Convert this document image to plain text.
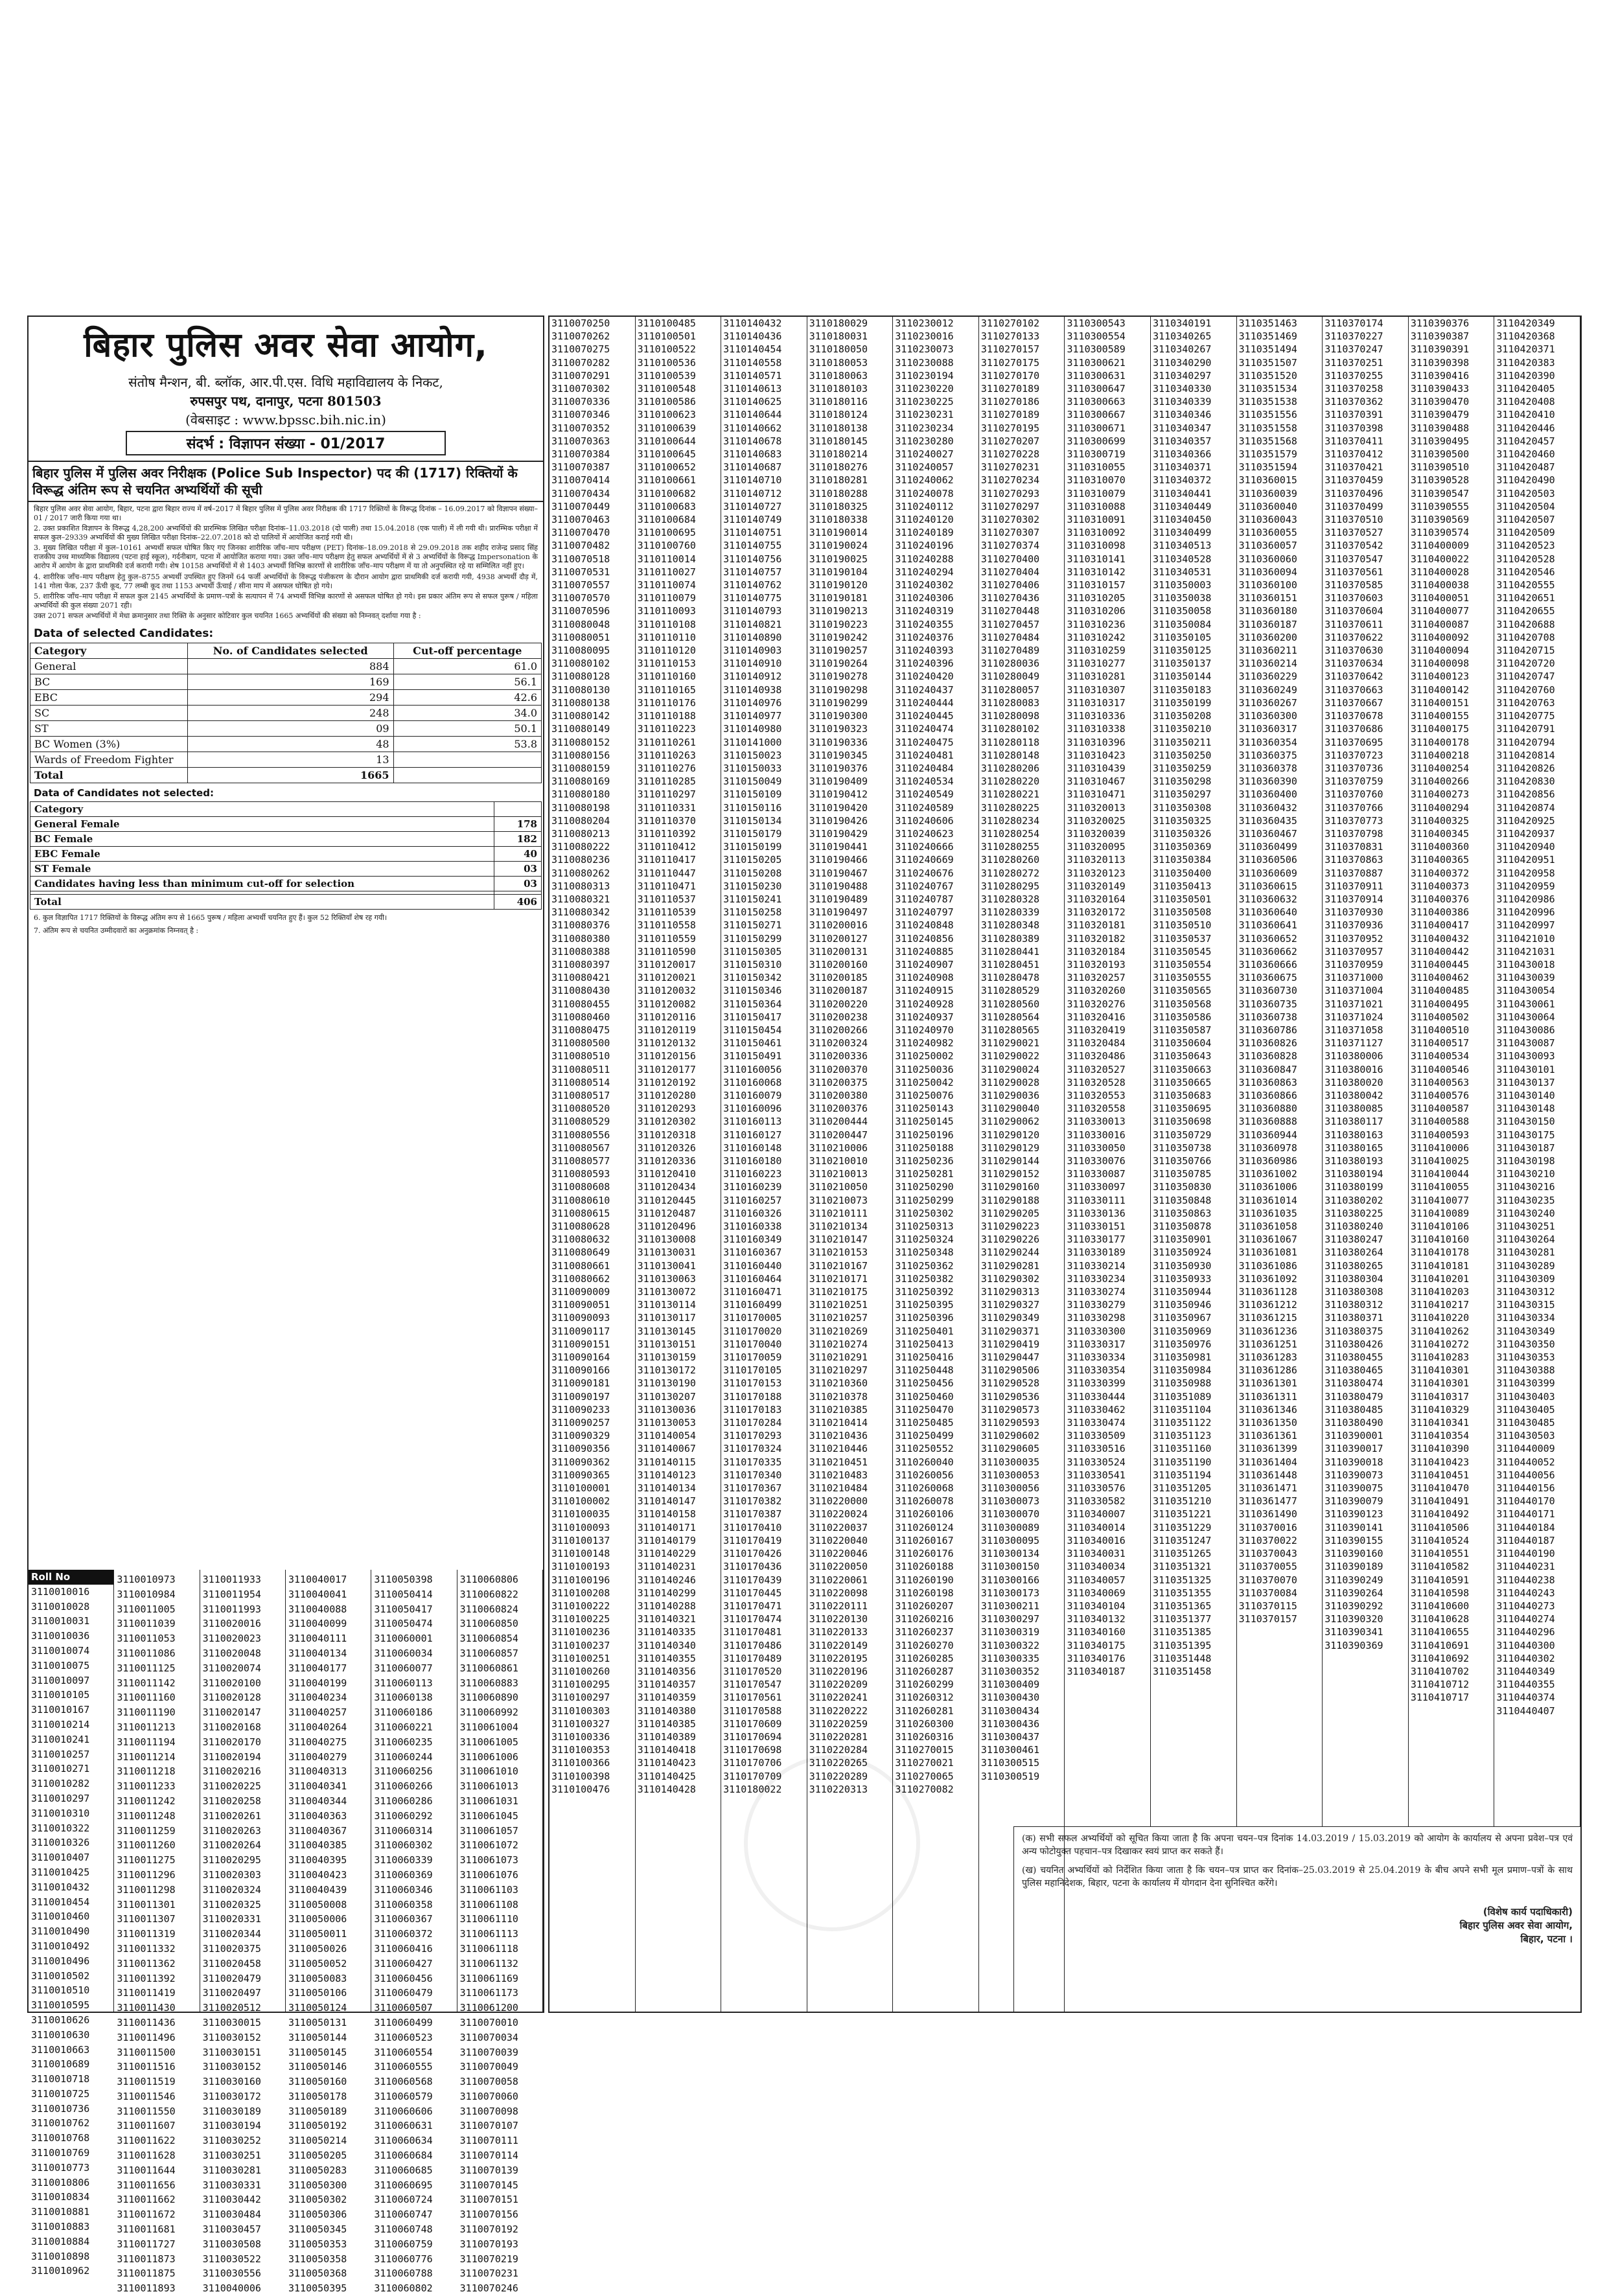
बिहार पुलिस अवर सेवा आयोग,
संतोष मैन्शन, बी. ब्लॉक, आर.पी.एस. विधि महाविद्यालय के निकट,
रुपसपुर पथ, दानापुर, पटना 801503
(वेबसाइट : www.bpssc.bih.nic.in)
संदर्भ : विज्ञापन संख्या - 01/2017
बिहार पुलिस में पुलिस अवर निरीक्षक (Police Sub Inspector) पद की (1717) रिक्तियों के विरूद्ध अंतिम रूप से चयनित अभ्यर्थियों की सूची

बिहार पुलिस अवर सेवा आयोग, बिहार, पटना द्वारा बिहार राज्य में वर्ष–2017 में बिहार पुलिस में पुलिस अवर निरीक्षक की 1717 रिक्तियों के विरूद्ध दिनांक – 16.09.2017 को विज्ञापन संख्या–01 / 2017 जारी किया गया था।

2. उक्त प्रकाशित विज्ञापन के विरूद्ध 4,28,200 अभ्यर्थियों की प्रारम्भिक लिखित परीक्षा दिनांक–11.03.2018 (दो पाली) तथा 15.04.2018 (एक पाली) में ली गयी थी। प्रारम्भिक परीक्षा में सफल कुल–29339 अभ्यर्थियों की मुख्य लिखित परीक्षा दिनांक–22.07.2018 को दो पालियों में आयोजित कराई गयी थी।

3. मुख्य लिखित परीक्षा में कुल–10161 अभ्यर्थी सफल घोषित किए गए जिनका शारीरिक जाँच–माप परीक्षण (PET) दिनांक–18.09.2018 से 29.09.2018 तक शहीद राजेन्द्र प्रसाद सिंह राजकीय उच्च माध्यमिक विद्यालय (पटना हाई स्कूल), गर्दनीबाग, पटना में आयोजित कराया गया। उक्त जाँच–माप परीक्षण हेतु सफल अभ्यर्थियों में से 3 अभ्यर्थियों के विरूद्ध Impersonation के आरोप में आयोग के द्वारा प्राथमिकी दर्ज करायी गयी। शेष 10158 अभ्यर्थियों में से 1403 अभ्यर्थी विभिन्न कारणों से शारीरिक जाँच–माप परीक्षण में या तो अनुपस्थित रहे या सम्मिलित नहीं हुए।

4. शारीरिक जाँच–माप परीक्षण हेतु कुल–8755 अभ्यर्थी उपस्थित हुए जिनमें 64 फर्जी अभ्यर्थियों के विरूद्ध पंजीकरण के दौरान आयोग द्वारा प्राथमिकी दर्ज करायी गयी, 4938 अभ्यर्थी दौड़ में, 141 गोला फेंक, 237 ऊँची कूद, 77 लम्बी कूद तथा 1153 अभ्यर्थी ऊँचाई / सीना माप में असफल घोषित हो गये।

5. शारीरिक जाँच–माप परीक्षा में सफल कुल 2145 अभ्यर्थियों के प्रमाण–पत्रों के सत्यापन में 74 अभ्यर्थी विभिन्न कारणों से असफल घोषित हो गये। इस प्रकार अंतिम रूप से सफल पुरूष / महिला अभ्यर्थियों की कुल संख्या 2071 रही।

उक्त 2071 सफल अभ्यर्थियों में मेधा क्रमानुसार तथा रिक्ति के अनुसार कोटिवार कुल चयनित 1665 अभ्यर्थियों की संख्या को निम्नवत् दर्शाया गया है :

Data of selected Candidates:
Category	No. of Candidates selected	Cut-off percentage
General	884	61.0
BC	169	56.1
EBC	294	42.6
SC	248	34.0
ST	09	50.1
BC Women (3%)	48	53.8
Wards of Freedom Fighter	13	
Total	1665	
Data of Candidates not selected:
Category	
General Female	178
BC Female	182
EBC Female	40
ST Female	03
Candidates having less than minimum cut-off for selection	03

Total	406
6. कुल विज्ञापित 1717 रिक्तियों के विरूद्ध अंतिम रूप से 1665 पुरूष / महिला अभ्यर्थी चयनित हुए हैं। कुल 52 रिक्तियाँ शेष रह गयी।
7. अंतिम रूप से चयनित उम्मीदवारों का अनुक्रमांक निम्नवत् है :
Roll No
3110010016
3110010028
3110010031
3110010036
3110010074
3110010075
3110010097
3110010105
3110010167
3110010214
3110010241
3110010257
3110010271
3110010282
3110010297
3110010310
3110010322
3110010326
3110010407
3110010425
3110010432
3110010454
3110010460
3110010490
3110010492
3110010496
3110010502
3110010510
3110010595
3110010626
3110010630
3110010663
3110010689
3110010718
3110010725
3110010736
3110010762
3110010768
3110010769
3110010773
3110010806
3110010834
3110010881
3110010883
3110010884
3110010898
3110010962
3110010973
3110010984
3110011005
3110011039
3110011053
3110011086
3110011125
3110011142
3110011160
3110011190
3110011213
3110011194
3110011214
3110011218
3110011233
3110011242
3110011248
3110011259
3110011260
3110011275
3110011296
3110011298
3110011301
3110011307
3110011319
3110011332
3110011362
3110011392
3110011419
3110011430
3110011436
3110011496
3110011500
3110011516
3110011519
3110011546
3110011550
3110011607
3110011622
3110011628
3110011644
3110011656
3110011662
3110011672
3110011681
3110011727
3110011873
3110011875
3110011893
3110011933
3110011954
3110011993
3110020016
3110020023
3110020048
3110020074
3110020100
3110020128
3110020147
3110020168
3110020170
3110020194
3110020216
3110020225
3110020258
3110020261
3110020263
3110020264
3110020295
3110020303
3110020324
3110020325
3110020331
3110020344
3110020375
3110020458
3110020479
3110020497
3110020512
3110030015
3110030152
3110030151
3110030152
3110030160
3110030172
3110030189
3110030194
3110030252
3110030251
3110030281
3110030331
3110030442
3110030484
3110030457
3110030508
3110030522
3110030556
3110040006
3110040017
3110040041
3110040088
3110040099
3110040111
3110040134
3110040177
3110040199
3110040234
3110040257
3110040264
3110040275
3110040279
3110040313
3110040341
3110040344
3110040363
3110040367
3110040385
3110040395
3110040423
3110040439
3110050008
3110050006
3110050011
3110050026
3110050052
3110050083
3110050106
3110050124
3110050131
3110050144
3110050145
3110050146
3110050160
3110050178
3110050189
3110050192
3110050214
3110050205
3110050283
3110050300
3110050302
3110050306
3110050345
3110050353
3110050358
3110050368
3110050395
3110050398
3110050414
3110050417
3110050474
3110060001
3110060034
3110060077
3110060113
3110060138
3110060186
3110060221
3110060235
3110060244
3110060256
3110060266
3110060286
3110060292
3110060314
3110060302
3110060339
3110060369
3110060346
3110060358
3110060367
3110060372
3110060416
3110060427
3110060456
3110060479
3110060507
3110060499
3110060523
3110060554
3110060555
3110060568
3110060579
3110060606
3110060631
3110060634
3110060684
3110060685
3110060695
3110060724
3110060747
3110060748
3110060759
3110060776
3110060788
3110060802
3110060806
3110060822
3110060824
3110060850
3110060854
3110060857
3110060861
3110060883
3110060890
3110060992
3110061004
3110061005
3110061006
3110061010
3110061013
3110061031
3110061045
3110061057
3110061072
3110061073
3110061076
3110061103
3110061108
3110061110
3110061113
3110061118
3110061132
3110061169
3110061173
3110061200
3110070010
3110070034
3110070039
3110070049
3110070058
3110070060
3110070098
3110070107
3110070111
3110070114
3110070139
3110070145
3110070151
3110070156
3110070192
3110070193
3110070219
3110070231
3110070246
3110070250
3110070262
3110070275
3110070282
3110070291
3110070302
3110070336
3110070346
3110070352
3110070363
3110070384
3110070387
3110070414
3110070434
3110070449
3110070463
3110070470
3110070482
3110070518
3110070531
3110070557
3110070570
3110070596
3110080048
3110080051
3110080095
3110080102
3110080128
3110080130
3110080138
3110080142
3110080149
3110080152
3110080156
3110080159
3110080169
3110080180
3110080198
3110080204
3110080213
3110080222
3110080236
3110080262
3110080313
3110080321
3110080342
3110080376
3110080380
3110080388
3110080397
3110080421
3110080430
3110080455
3110080460
3110080475
3110080500
3110080510
3110080511
3110080514
3110080517
3110080520
3110080529
3110080556
3110080567
3110080577
3110080593
3110080608
3110080610
3110080615
3110080628
3110080632
3110080649
3110080661
3110080662
3110090009
3110090051
3110090093
3110090117
3110090151
3110090164
3110090166
3110090181
3110090197
3110090233
3110090257
3110090329
3110090356
3110090362
3110090365
3110100001
3110100002
3110100035
3110100093
3110100137
3110100148
3110100193
3110100196
3110100208
3110100222
3110100225
3110100236
3110100237
3110100251
3110100260
3110100295
3110100297
3110100303
3110100327
3110100336
3110100353
3110100366
3110100398
3110100476
3110100485
3110100501
3110100522
3110100536
3110100539
3110100548
3110100586
3110100623
3110100639
3110100644
3110100645
3110100652
3110100661
3110100682
3110100683
3110100684
3110100695
3110100760
3110110014
3110110027
3110110074
3110110079
3110110093
3110110108
3110110110
3110110120
3110110153
3110110160
3110110165
3110110176
3110110188
3110110223
3110110261
3110110263
3110110276
3110110285
3110110297
3110110331
3110110370
3110110392
3110110412
3110110417
3110110447
3110110471
3110110537
3110110539
3110110558
3110110559
3110110590
3110120017
3110120021
3110120032
3110120082
3110120116
3110120119
3110120132
3110120156
3110120177
3110120192
3110120280
3110120293
3110120302
3110120318
3110120326
3110120336
3110120410
3110120434
3110120445
3110120487
3110120496
3110130008
3110130031
3110130041
3110130063
3110130072
3110130114
3110130117
3110130145
3110130151
3110130159
3110130172
3110130190
3110130207
3110130036
3110130053
3110140054
3110140067
3110140115
3110140123
3110140134
3110140147
3110140158
3110140171
3110140179
3110140229
3110140231
3110140246
3110140299
3110140288
3110140321
3110140335
3110140340
3110140355
3110140356
3110140357
3110140359
3110140380
3110140385
3110140389
3110140418
3110140423
3110140425
3110140428
3110140432
3110140436
3110140454
3110140558
3110140571
3110140613
3110140625
3110140644
3110140662
3110140678
3110140683
3110140687
3110140710
3110140712
3110140727
3110140749
3110140751
3110140755
3110140756
3110140757
3110140762
3110140775
3110140793
3110140821
3110140890
3110140903
3110140910
3110140912
3110140938
3110140976
3110140977
3110140980
3110141000
3110150023
3110150033
3110150049
3110150109
3110150116
3110150134
3110150179
3110150199
3110150205
3110150208
3110150230
3110150241
3110150258
3110150271
3110150299
3110150305
3110150310
3110150342
3110150346
3110150364
3110150417
3110150454
3110150461
3110150491
3110160056
3110160068
3110160079
3110160096
3110160113
3110160127
3110160148
3110160180
3110160223
3110160239
3110160257
3110160326
3110160338
3110160349
3110160367
3110160440
3110160464
3110160471
3110160499
3110170005
3110170020
3110170040
3110170059
3110170105
3110170153
3110170188
3110170183
3110170284
3110170293
3110170324
3110170335
3110170340
3110170367
3110170382
3110170387
3110170410
3110170419
3110170426
3110170436
3110170439
3110170445
3110170471
3110170474
3110170481
3110170486
3110170489
3110170520
3110170547
3110170561
3110170588
3110170609
3110170694
3110170698
3110170706
3110170709
3110180022
3110180029
3110180031
3110180050
3110180053
3110180063
3110180103
3110180116
3110180124
3110180138
3110180145
3110180214
3110180276
3110180281
3110180288
3110180325
3110180338
3110190014
3110190024
3110190025
3110190104
3110190120
3110190181
3110190213
3110190223
3110190242
3110190257
3110190264
3110190278
3110190298
3110190299
3110190300
3110190323
3110190336
3110190345
3110190376
3110190409
3110190412
3110190420
3110190426
3110190429
3110190441
3110190466
3110190467
3110190488
3110190489
3110190497
3110200016
3110200127
3110200131
3110200160
3110200185
3110200187
3110200220
3110200238
3110200266
3110200324
3110200336
3110200370
3110200375
3110200380
3110200376
3110200444
3110200447
3110210006
3110210010
3110210013
3110210050
3110210073
3110210111
3110210134
3110210147
3110210153
3110210167
3110210171
3110210175
3110210251
3110210257
3110210269
3110210274
3110210291
3110210297
3110210360
3110210378
3110210385
3110210414
3110210436
3110210446
3110210451
3110210483
3110210484
3110220000
3110220024
3110220037
3110220040
3110220046
3110220050
3110220061
3110220098
3110220111
3110220130
3110220133
3110220149
3110220195
3110220196
3110220209
3110220241
3110220222
3110220259
3110220281
3110220284
3110220265
3110220289
3110220313
3110230012
3110230016
3110230073
3110230088
3110230194
3110230220
3110230225
3110230231
3110230234
3110230280
3110240027
3110240057
3110240062
3110240078
3110240112
3110240120
3110240189
3110240196
3110240288
3110240294
3110240302
3110240306
3110240319
3110240355
3110240376
3110240393
3110240396
3110240420
3110240437
3110240444
3110240445
3110240474
3110240475
3110240481
3110240484
3110240534
3110240549
3110240589
3110240606
3110240623
3110240666
3110240669
3110240676
3110240767
3110240787
3110240797
3110240848
3110240856
3110240885
3110240907
3110240908
3110240915
3110240928
3110240937
3110240970
3110240982
3110250002
3110250036
3110250042
3110250076
3110250143
3110250145
3110250196
3110250188
3110250236
3110250281
3110250290
3110250299
3110250302
3110250313
3110250324
3110250348
3110250362
3110250382
3110250392
3110250395
3110250396
3110250401
3110250413
3110250416
3110250448
3110250456
3110250460
3110250470
3110250485
3110250499
3110250552
3110260040
3110260056
3110260068
3110260078
3110260106
3110260124
3110260167
3110260176
3110260188
3110260190
3110260198
3110260207
3110260216
3110260237
3110260270
3110260285
3110260287
3110260299
3110260312
3110260281
3110260300
3110260316
3110270015
3110270021
3110270065
3110270082
3110270102
3110270133
3110270157
3110270175
3110270170
3110270189
3110270186
3110270189
3110270195
3110270207
3110270228
3110270231
3110270234
3110270293
3110270297
3110270302
3110270307
3110270374
3110270400
3110270404
3110270406
3110270436
3110270448
3110270457
3110270484
3110270489
3110280036
3110280049
3110280057
3110280083
3110280098
3110280102
3110280118
3110280148
3110280206
3110280220
3110280221
3110280225
3110280234
3110280254
3110280255
3110280260
3110280272
3110280295
3110280328
3110280339
3110280348
3110280389
3110280441
3110280451
3110280478
3110280529
3110280560
3110280564
3110280565
3110290021
3110290022
3110290024
3110290028
3110290036
3110290040
3110290062
3110290120
3110290129
3110290144
3110290152
3110290160
3110290188
3110290205
3110290223
3110290226
3110290244
3110290281
3110290302
3110290313
3110290327
3110290349
3110290371
3110290419
3110290447
3110290506
3110290528
3110290536
3110290573
3110290593
3110290602
3110290605
3110300035
3110300053
3110300056
3110300073
3110300070
3110300089
3110300095
3110300134
3110300150
3110300166
3110300173
3110300211
3110300297
3110300319
3110300322
3110300335
3110300352
3110300409
3110300430
3110300434
3110300436
3110300437
3110300461
3110300515
3110300519
3110300543
3110300554
3110300589
3110300621
3110300631
3110300647
3110300663
3110300667
3110300671
3110300699
3110300719
3110310055
3110310070
3110310079
3110310088
3110310091
3110310092
3110310098
3110310141
3110310142
3110310157
3110310205
3110310206
3110310236
3110310242
3110310259
3110310277
3110310281
3110310307
3110310317
3110310336
3110310338
3110310396
3110310423
3110310439
3110310467
3110310471
3110320013
3110320025
3110320039
3110320095
3110320113
3110320123
3110320149
3110320164
3110320172
3110320181
3110320182
3110320184
3110320193
3110320257
3110320260
3110320276
3110320416
3110320419
3110320484
3110320486
3110320527
3110320528
3110320553
3110320558
3110330013
3110330016
3110330050
3110330076
3110330087
3110330097
3110330111
3110330136
3110330151
3110330177
3110330189
3110330214
3110330234
3110330274
3110330279
3110330298
3110330300
3110330317
3110330334
3110330354
3110330399
3110330444
3110330462
3110330474
3110330509
3110330516
3110330524
3110330541
3110330576
3110330582
3110340007
3110340014
3110340016
3110340031
3110340034
3110340057
3110340069
3110340104
3110340132
3110340160
3110340175
3110340176
3110340187
3110340191
3110340265
3110340267
3110340290
3110340297
3110340330
3110340339
3110340346
3110340347
3110340357
3110340366
3110340371
3110340372
3110340441
3110340449
3110340450
3110340499
3110340513
3110340528
3110340531
3110350003
3110350038
3110350058
3110350084
3110350105
3110350125
3110350137
3110350144
3110350183
3110350199
3110350208
3110350210
3110350211
3110350250
3110350259
3110350298
3110350297
3110350308
3110350325
3110350326
3110350369
3110350384
3110350400
3110350413
3110350501
3110350508
3110350510
3110350537
3110350545
3110350554
3110350555
3110350565
3110350568
3110350586
3110350587
3110350604
3110350643
3110350663
3110350665
3110350683
3110350695
3110350698
3110350729
3110350738
3110350766
3110350785
3110350830
3110350848
3110350863
3110350878
3110350901
3110350924
3110350930
3110350933
3110350944
3110350946
3110350967
3110350969
3110350976
3110350981
3110350984
3110350988
3110351089
3110351104
3110351122
3110351123
3110351160
3110351190
3110351194
3110351205
3110351210
3110351221
3110351229
3110351247
3110351265
3110351321
3110351325
3110351355
3110351365
3110351377
3110351385
3110351395
3110351448
3110351458
3110351463
3110351469
3110351494
3110351507
3110351520
3110351534
3110351538
3110351556
3110351558
3110351568
3110351579
3110351594
3110360015
3110360039
3110360040
3110360043
3110360055
3110360057
3110360060
3110360094
3110360100
3110360151
3110360180
3110360187
3110360200
3110360211
3110360214
3110360229
3110360249
3110360267
3110360300
3110360317
3110360354
3110360375
3110360378
3110360390
3110360400
3110360432
3110360435
3110360467
3110360499
3110360506
3110360609
3110360615
3110360632
3110360640
3110360641
3110360652
3110360662
3110360666
3110360675
3110360730
3110360735
3110360738
3110360786
3110360826
3110360828
3110360847
3110360863
3110360866
3110360880
3110360888
3110360944
3110360978
3110360986
3110361002
3110361006
3110361014
3110361035
3110361058
3110361067
3110361081
3110361086
3110361092
3110361128
3110361212
3110361215
3110361236
3110361251
3110361283
3110361286
3110361301
3110361311
3110361346
3110361350
3110361361
3110361399
3110361404
3110361448
3110361471
3110361477
3110361490
3110370016
3110370022
3110370043
3110370055
3110370070
3110370084
3110370115
3110370157
3110370174
3110370227
3110370247
3110370251
3110370255
3110370258
3110370362
3110370391
3110370398
3110370411
3110370412
3110370421
3110370459
3110370496
3110370499
3110370510
3110370527
3110370542
3110370547
3110370561
3110370585
3110370603
3110370604
3110370611
3110370622
3110370630
3110370634
3110370642
3110370663
3110370667
3110370678
3110370686
3110370695
3110370723
3110370736
3110370759
3110370760
3110370766
3110370773
3110370798
3110370831
3110370863
3110370887
3110370911
3110370914
3110370930
3110370936
3110370952
3110370957
3110370959
3110371000
3110371004
3110371021
3110371024
3110371058
3110371127
3110380006
3110380016
3110380020
3110380042
3110380085
3110380117
3110380163
3110380165
3110380193
3110380194
3110380199
3110380202
3110380225
3110380240
3110380247
3110380264
3110380265
3110380304
3110380308
3110380312
3110380371
3110380375
3110380426
3110380455
3110380465
3110380474
3110380479
3110380485
3110380490
3110390001
3110390017
3110390018
3110390073
3110390075
3110390079
3110390123
3110390141
3110390155
3110390160
3110390189
3110390249
3110390264
3110390292
3110390320
3110390341
3110390369
3110390376
3110390387
3110390391
3110390398
3110390416
3110390433
3110390470
3110390479
3110390488
3110390495
3110390500
3110390510
3110390528
3110390547
3110390555
3110390569
3110390574
3110400009
3110400022
3110400028
3110400038
3110400051
3110400077
3110400087
3110400092
3110400094
3110400098
3110400123
3110400142
3110400151
3110400155
3110400175
3110400178
3110400218
3110400254
3110400266
3110400273
3110400294
3110400325
3110400345
3110400360
3110400365
3110400372
3110400373
3110400376
3110400386
3110400417
3110400432
3110400442
3110400445
3110400462
3110400485
3110400495
3110400502
3110400510
3110400517
3110400534
3110400546
3110400563
3110400576
3110400587
3110400588
3110400593
3110410006
3110410025
3110410044
3110410055
3110410077
3110410089
3110410106
3110410160
3110410178
3110410181
3110410201
3110410203
3110410217
3110410220
3110410262
3110410272
3110410283
3110410301
3110410301
3110410317
3110410329
3110410341
3110410354
3110410390
3110410423
3110410451
3110410470
3110410491
3110410492
3110410506
3110410524
3110410551
3110410582
3110410591
3110410598
3110410600
3110410628
3110410655
3110410691
3110410692
3110410702
3110410712
3110410717
3110420349
3110420368
3110420371
3110420383
3110420390
3110420405
3110420408
3110420410
3110420446
3110420457
3110420460
3110420487
3110420490
3110420503
3110420504
3110420507
3110420509
3110420523
3110420528
3110420546
3110420555
3110420651
3110420655
3110420688
3110420708
3110420715
3110420720
3110420747
3110420760
3110420763
3110420775
3110420791
3110420794
3110420814
3110420826
3110420830
3110420856
3110420874
3110420925
3110420937
3110420940
3110420951
3110420958
3110420959
3110420986
3110420996
3110420997
3110421010
3110421031
3110430018
3110430039
3110430054
3110430061
3110430064
3110430086
3110430087
3110430093
3110430101
3110430137
3110430140
3110430148
3110430150
3110430175
3110430187
3110430198
3110430210
3110430216
3110430235
3110430240
3110430251
3110430264
3110430281
3110430289
3110430309
3110430312
3110430315
3110430334
3110430349
3110430350
3110430353
3110430388
3110430399
3110430403
3110430405
3110430485
3110430503
3110440009
3110440052
3110440056
3110440156
3110440170
3110440171
3110440184
3110440187
3110440190
3110440231
3110440238
3110440243
3110440273
3110440274
3110440296
3110440300
3110440302
3110440349
3110440355
3110440374
3110440407

(क) सभी सफल अभ्यर्थियों को सूचित किया जाता है कि अपना चयन–पत्र दिनांक 14.03.2019 / 15.03.2019 को आयोग के कार्यालय से अपना प्रवेश–पत्र एवं अन्य फोटोयुक्त पहचान–पत्र दिखाकर स्वयं प्राप्त कर सकते हैं।

(ख) चयनित अभ्यर्थियों को निर्देशित किया जाता है कि चयन–पत्र प्राप्त कर दिनांक–25.03.2019 से 25.04.2019 के बीच अपने सभी मूल प्रमाण–पत्रों के साथ पुलिस महानिदेशक, बिहार, पटना के कार्यालय में योगदान देना सुनिश्चित करेंगे।

(विशेष कार्य पदाधिकारी)
बिहार पुलिस अवर सेवा आयोग,
बिहार, पटना ।
